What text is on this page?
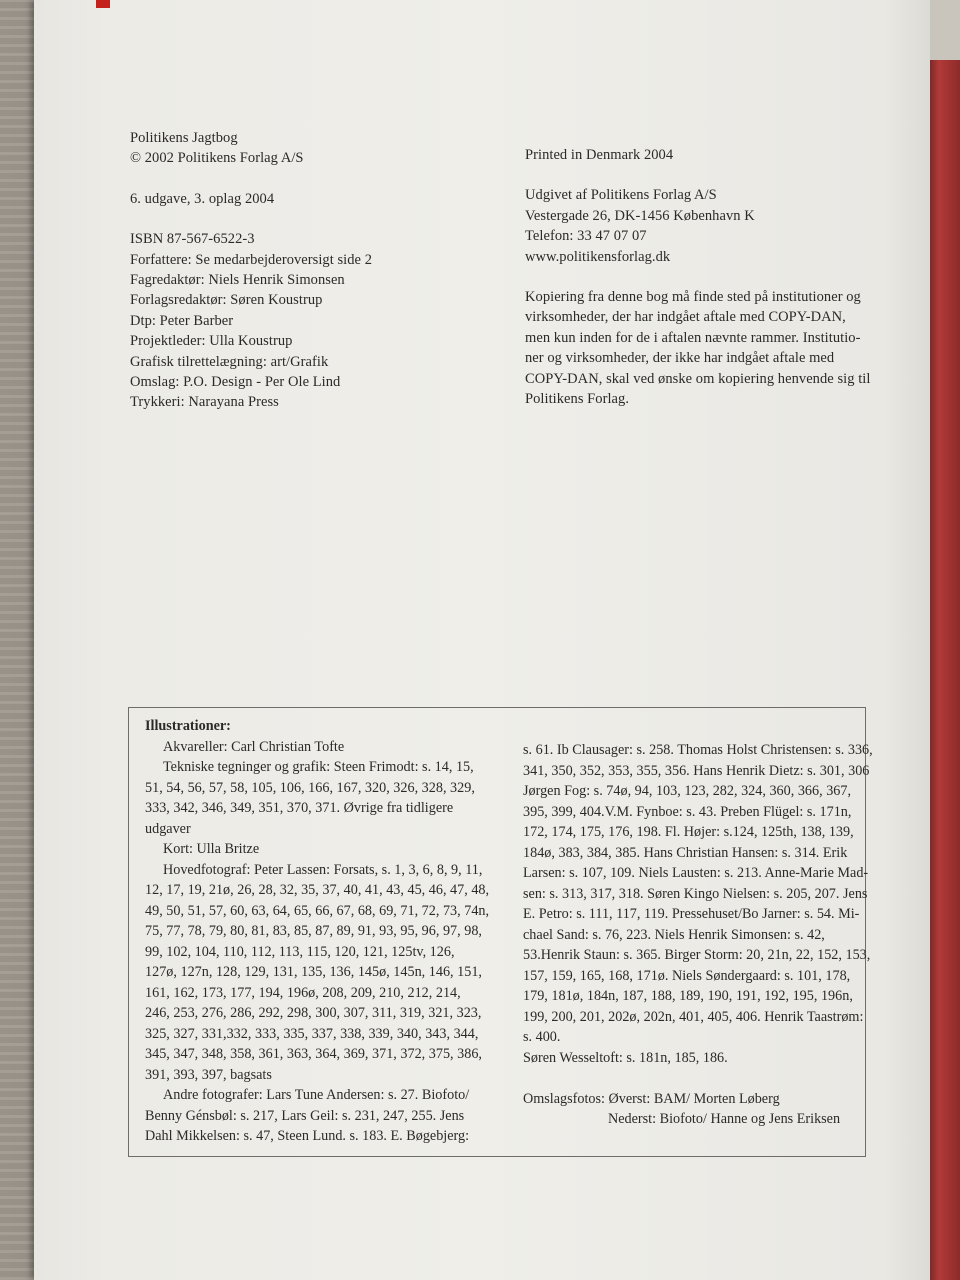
Politikens Jagtbog
© 2002 Politikens Forlag A/S
6. udgave, 3. oplag 2004
ISBN 87-567-6522-3
Forfattere: Se medarbejderoversigt side 2
Fagredaktør: Niels Henrik Simonsen
Forlagsredaktør: Søren Koustrup
Dtp: Peter Barber
Projektleder: Ulla Koustrup
Grafisk tilrettelægning: art/Grafik
Omslag: P.O. Design - Per Ole Lind
Trykkeri: Narayana Press
Printed in Denmark 2004
Udgivet af Politikens Forlag A/S
Vestergade 26, DK-1456 København K
Telefon: 33 47 07 07
www.politikensforlag.dk
Kopiering fra denne bog må finde sted på institutioner og
virksomheder, der har indgået aftale med COPY-DAN,
men kun inden for de i aftalen nævnte rammer. Institutio-
ner og virksomheder, der ikke har indgået aftale med
COPY-DAN, skal ved ønske om kopiering henvende sig til
Politikens Forlag.
Illustrationer:
Akvareller: Carl Christian Tofte
Tekniske tegninger og grafik: Steen Frimodt: s. 14, 15,
51, 54, 56, 57, 58, 105, 106, 166, 167, 320, 326, 328, 329,
333, 342, 346, 349, 351, 370, 371. Øvrige fra tidligere
udgaver
Kort: Ulla Britze
Hovedfotograf: Peter Lassen: Forsats, s. 1, 3, 6, 8, 9, 11,
12, 17, 19, 21ø, 26, 28, 32, 35, 37, 40, 41, 43, 45, 46, 47, 48,
49, 50, 51, 57, 60, 63, 64, 65, 66, 67, 68, 69, 71, 72, 73, 74n,
75, 77, 78, 79, 80, 81, 83, 85, 87, 89, 91, 93, 95, 96, 97, 98,
99, 102, 104, 110, 112, 113, 115, 120, 121, 125tv, 126,
127ø, 127n, 128, 129, 131, 135, 136, 145ø, 145n, 146, 151,
161, 162, 173, 177, 194, 196ø, 208, 209, 210, 212, 214,
246, 253, 276, 286, 292, 298, 300, 307, 311, 319, 321, 323,
325, 327, 331,332, 333, 335, 337, 338, 339, 340, 343, 344,
345, 347, 348, 358, 361, 363, 364, 369, 371, 372, 375, 386,
391, 393, 397, bagsats
Andre fotografer: Lars Tune Andersen: s. 27. Biofoto/
Benny Génsbøl: s. 217, Lars Geil: s. 231, 247, 255. Jens
Dahl Mikkelsen: s. 47, Steen Lund. s. 183. E. Bøgebjerg:
s. 61. Ib Clausager: s. 258. Thomas Holst Christensen: s. 336,
341, 350, 352, 353, 355, 356. Hans Henrik Dietz: s. 301, 306
Jørgen Fog: s. 74ø, 94, 103, 123, 282, 324, 360, 366, 367,
395, 399, 404.V.M. Fynboe: s. 43. Preben Flügel: s. 171n,
172, 174, 175, 176, 198. Fl. Højer: s.124, 125th, 138, 139,
184ø, 383, 384, 385. Hans Christian Hansen: s. 314. Erik
Larsen: s. 107, 109. Niels Lausten: s. 213. Anne-Marie Mad-
sen: s. 313, 317, 318. Søren Kingo Nielsen: s. 205, 207. Jens
E. Petro: s. 111, 117, 119. Pressehuset/Bo Jarner: s. 54. Mi-
chael Sand: s. 76, 223. Niels Henrik Simonsen: s. 42,
53.Henrik Staun: s. 365. Birger Storm: 20, 21n, 22, 152, 153,
157, 159, 165, 168, 171ø. Niels Søndergaard: s. 101, 178,
179, 181ø, 184n, 187, 188, 189, 190, 191, 192, 195, 196n,
199, 200, 201, 202ø, 202n, 401, 405, 406. Henrik Taastrøm:
s. 400.
Søren Wesseltoft: s. 181n, 185, 186.

Omslagsfotos: Øverst: BAM/ Morten Løberg
Nederst: Biofoto/ Hanne og Jens Eriksen
